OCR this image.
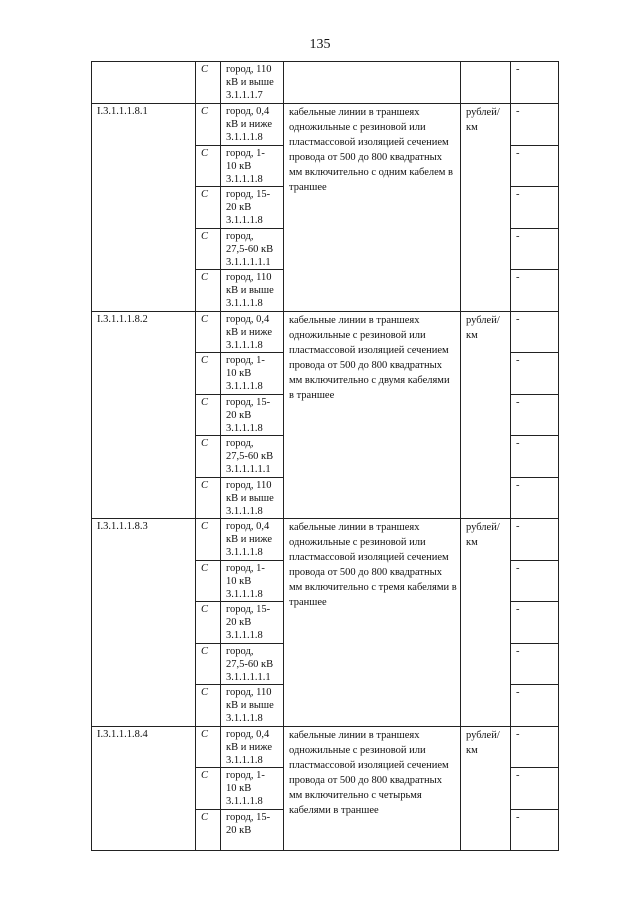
135
	C	город, 110
кВ и выше
3.1.1.1.7			-
I.3.1.1.1.8.1	C	город, 0,4
кВ и ниже
3.1.1.1.8	кабельные линии в траншеях одножильные с резиновой или пластмассовой изоляцией сечением провода от 500 до 800 квадратных мм включительно с одним кабелем в траншее	рублей/
км	-
	C	город, 1-
10 кВ
3.1.1.1.8			-
	C	город, 15-
20 кВ
3.1.1.1.8			-
	C	город,
27,5-60 кВ
3.1.1.1.1.1			-
	C	город, 110
кВ и выше
3.1.1.1.8			-
I.3.1.1.1.8.2	C	город, 0,4
кВ и ниже
3.1.1.1.8	кабельные линии в траншеях одножильные с резиновой или пластмассовой изоляцией сечением провода от 500 до 800 квадратных мм включительно с двумя кабелями в траншее	рублей/
км	-
	C	город, 1-
10 кВ
3.1.1.1.8			-
	C	город, 15-
20 кВ
3.1.1.1.8			-
	C	город,
27,5-60 кВ
3.1.1.1.1.1			-
	C	город, 110
кВ и выше
3.1.1.1.8			-
I.3.1.1.1.8.3	C	город, 0,4
кВ и ниже
3.1.1.1.8	кабельные линии в траншеях одножильные с резиновой или пластмассовой изоляцией сечением провода от 500 до 800 квадратных мм включительно с тремя кабелями в траншее	рублей/
км	-
	C	город, 1-
10 кВ
3.1.1.1.8			-
	C	город, 15-
20 кВ
3.1.1.1.8			-
	C	город,
27,5-60 кВ
3.1.1.1.1.1			-
	C	город, 110
кВ и выше
3.1.1.1.8			-
I.3.1.1.1.8.4	C	город, 0,4
кВ и ниже
3.1.1.1.8	кабельные линии в траншеях одножильные с резиновой или пластмассовой изоляцией сечением провода от 500 до 800 квадратных мм включительно с четырьмя кабелями в траншее	рублей/
км	-
	C	город, 1-
10 кВ
3.1.1.1.8			-
	C	город, 15-
20 кВ			-
